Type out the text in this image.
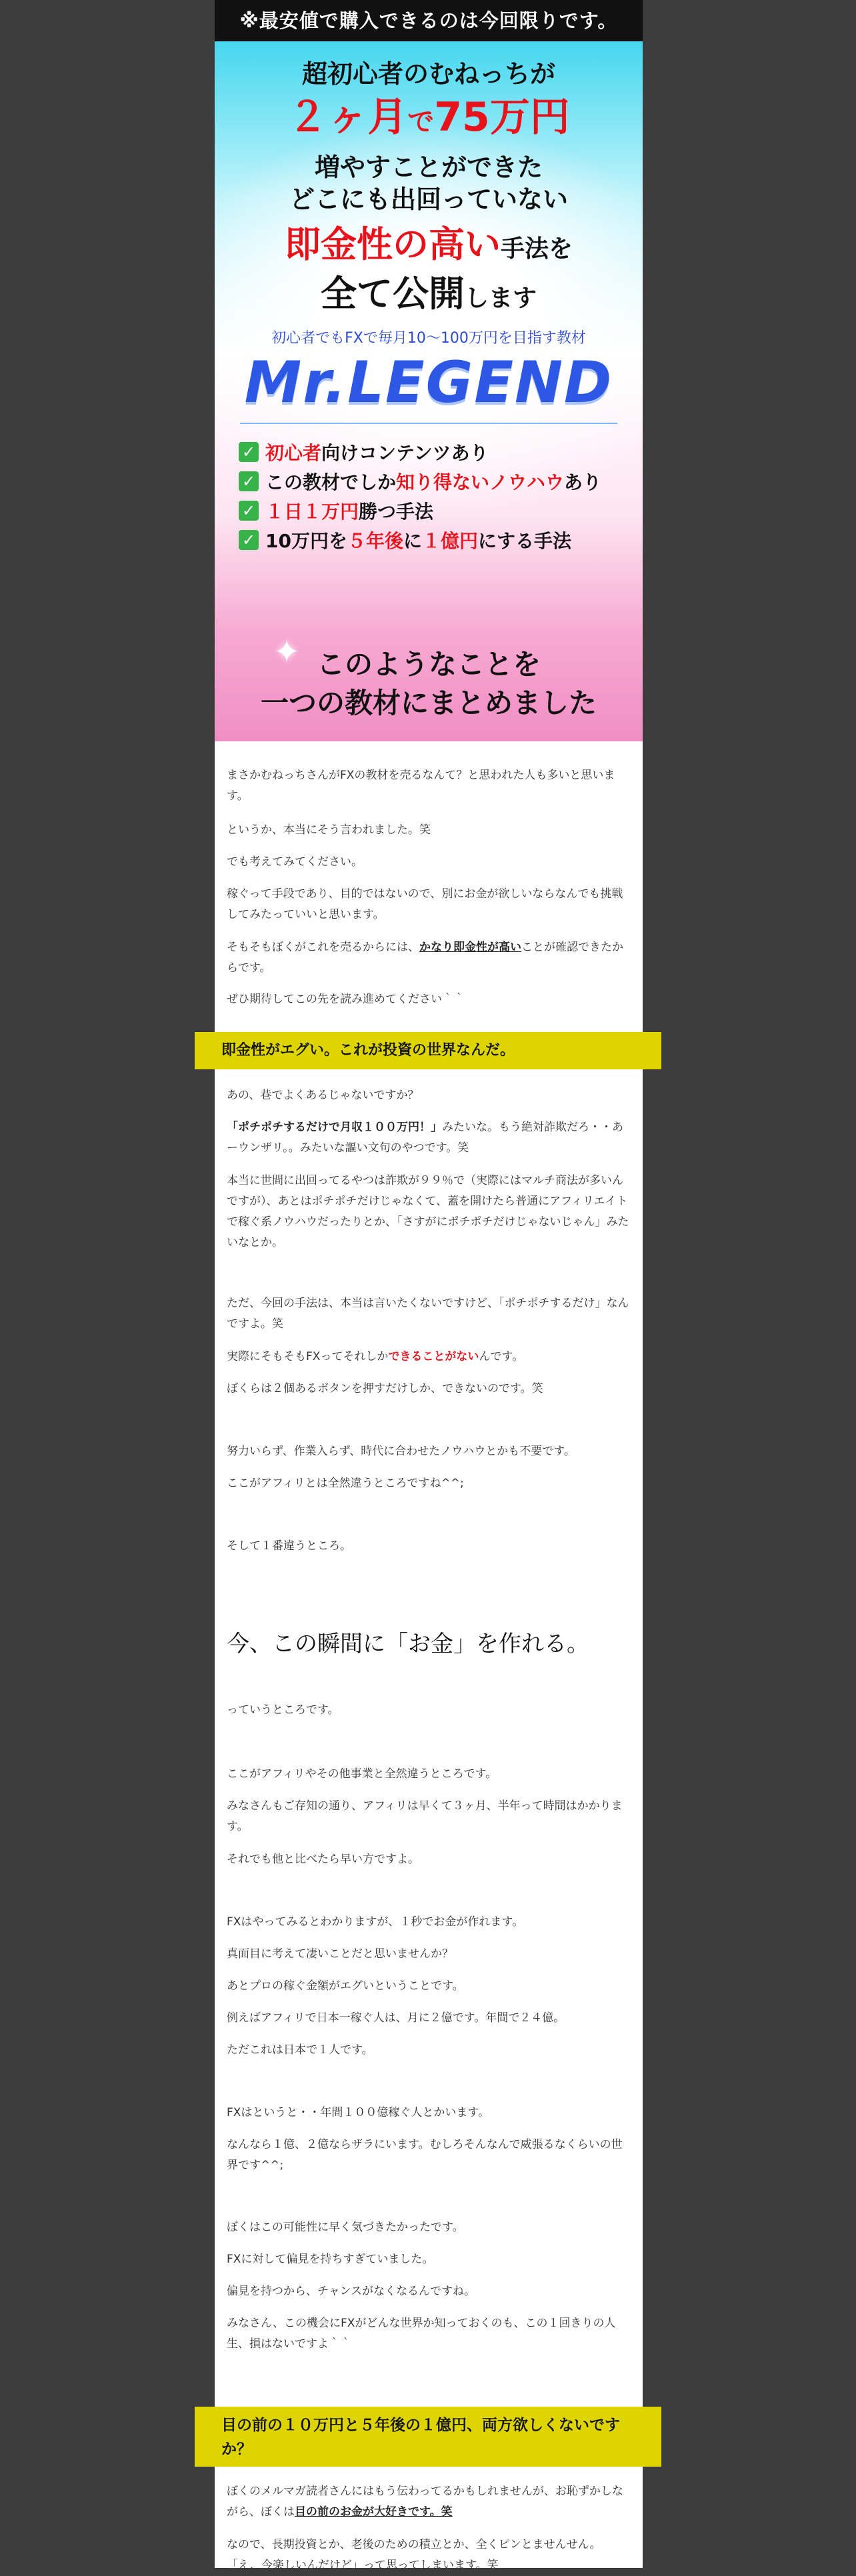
※最安値で購入できるのは今回限りです。
超初心者のむねっちが
２ヶ月で75万円
増やすことができた
どこにも出回っていない
即金性の高い手法を
全て公開します
初心者でもFXで毎月10〜100万円を目指す教材
Mr.LEGEND
✓ 初心者 向けコンテンツあり
✓ この教材でしか 知り得ないノウハウ あり
✓ １日１万円 勝つ手法
✓ 10万円を ５年後 に １億円 にする手法
✦ このようなことを
一つの教材にまとめました
まさかむねっちさんがFXの教材を売るなんて？と思われた人も多いと思います。
というか、本当にそう言われました。笑
でも考えてみてください。
稼ぐって手段であり、目的ではないので、別にお金が欲しいならなんでも挑戦してみたっていいと思います。
そもそもぼくがこれを売るからには、かなり即金性が高いことが確認できたからです。
ぜひ期待してこの先を読み進めてください｀｀
即金性がエグい。これが投資の世界なんだ。
あの、巷でよくあるじゃないですか？
「ポチポチするだけで月収１００万円！」みたいな。もう絶対詐欺だろ・・あーウンザリ。。みたいな謳い文句のやつです。笑
本当に世間に出回ってるやつは詐欺が９９％で（実際にはマルチ商法が多いんですが）、あとはポチポチだけじゃなくて、蓋を開けたら普通にアフィリエイトで稼ぐ系ノウハウだったりとか、「さすがにポチポチだけじゃないじゃん」みたいなとか。
ただ、今回の手法は、本当は言いたくないですけど、「ポチポチするだけ」なんですよ。笑
実際にそもそもFXってそれしかできることがないんです。
ぼくらは２個あるボタンを押すだけしか、できないのです。笑
努力いらず、作業入らず、時代に合わせたノウハウとかも不要です。
ここがアフィリとは全然違うところですね^^;
そして１番違うところ。
今、この瞬間に「お金」を作れる。
っていうところです。
ここがアフィリやその他事業と全然違うところです。
みなさんもご存知の通り、アフィリは早くて３ヶ月、半年って時間はかかります。
それでも他と比べたら早い方ですよ。
FXはやってみるとわかりますが、１秒でお金が作れます。
真面目に考えて凄いことだと思いませんか？
あとプロの稼ぐ金額がエグいということです。
例えばアフィリで日本一稼ぐ人は、月に２億です。年間で２４億。
ただこれは日本で１人です。
FXはというと・・年間１００億稼ぐ人とかいます。
なんなら１億、２億ならザラにいます。むしろそんなんで威張るなくらいの世界です^^;
ぼくはこの可能性に早く気づきたかったです。
FXに対して偏見を持ちすぎていました。
偏見を持つから、チャンスがなくなるんですね。
みなさん、この機会にFXがどんな世界か知っておくのも、この１回きりの人生、損はないですよ｀｀
目の前の１０万円と５年後の１億円、両方欲しくないですか？
ぼくのメルマガ読者さんにはもう伝わってるかもしれませんが、お恥ずかしながら、ぼくは目の前のお金が大好きです。笑
なので、長期投資とか、老後のための積立とか、全くピンとませんせん。「え、今楽しいんだけど」って思ってしまいます。笑
